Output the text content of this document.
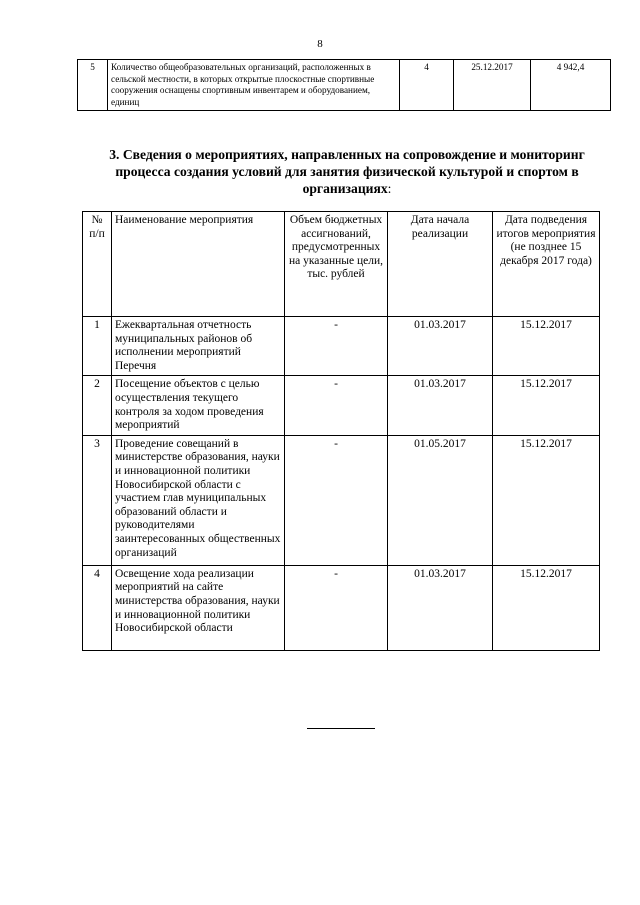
8
5	Количество общеобразовательных организаций, расположенных в сельской местности, в которых открытые плоскостные спортивные сооружения оснащены спортивным инвентарем и оборудованием, единиц	4	25.12.2017	4 942,4
3. Сведения о мероприятиях, направленных на сопровождение и мониторинг процесса создания условий для занятия физической культурой и спортом в организациях:
№ п/п	Наименование мероприятия	Объем бюджетных ассигнований, предусмотренных на указанные цели, тыс. рублей	Дата начала реализации	Дата подведения итогов мероприятия (не позднее 15 декабря 2017 года)
1	Ежеквартальная отчетность муниципальных районов об исполнении мероприятий Перечня	-	01.03.2017	15.12.2017
2	Посещение объектов с целью осуществления текущего контроля за ходом проведения мероприятий	-	01.03.2017	15.12.2017
3	Проведение совещаний в министерстве образования, науки и инновационной политики Новосибирской области с участием глав муниципальных образований области и руководителями заинтересованных общественных организаций	-	01.05.2017	15.12.2017
4	Освещение хода реализации мероприятий на сайте министерства образования, науки и инновационной политики Новосибирской области	-	01.03.2017	15.12.2017
